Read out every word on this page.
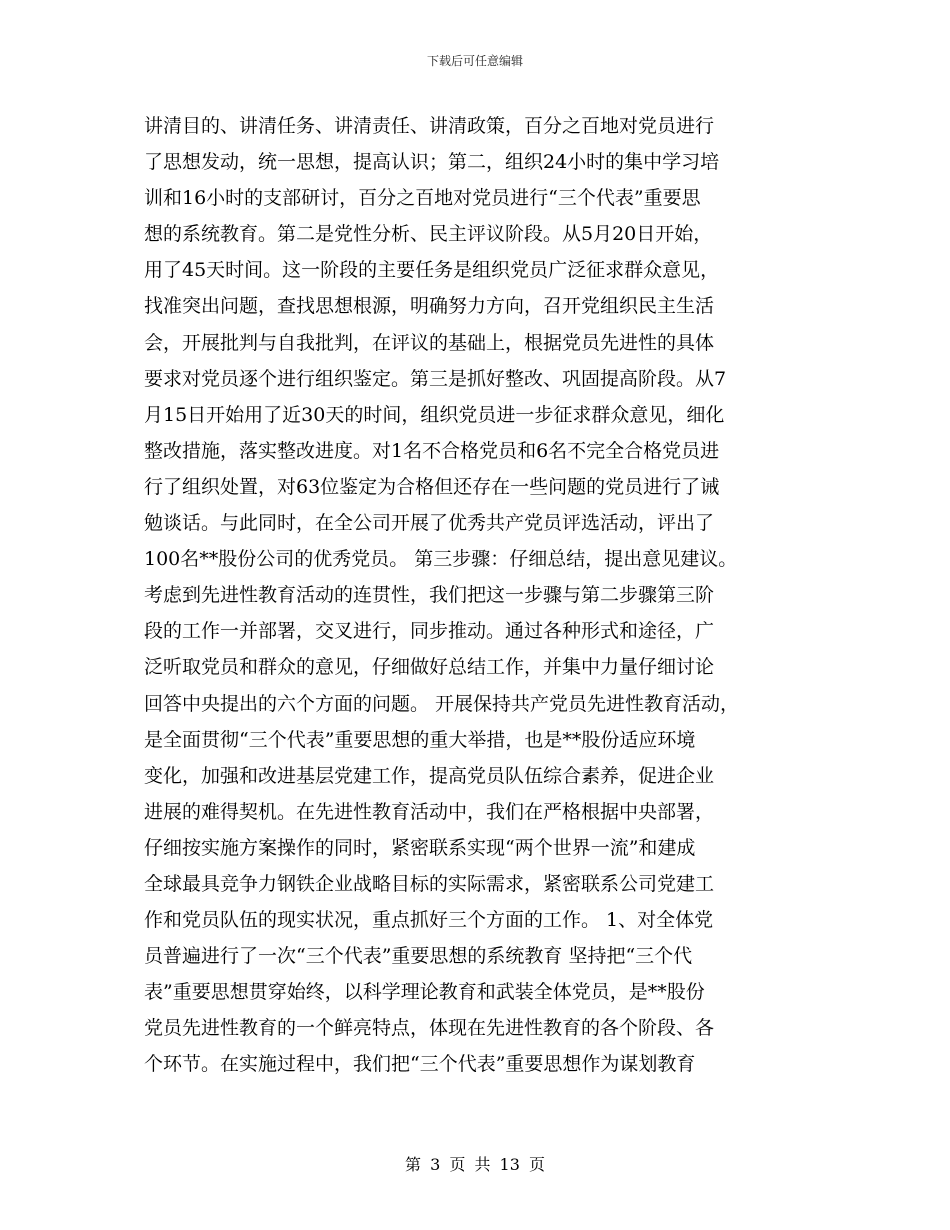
下载后可任意编辑
讲清目的、讲清任务、讲清责任、讲清政策，百分之百地对党员进行
了思想发动，统一思想，提高认识；第二，组织24小时的集中学习培
训和16小时的支部研讨，百分之百地对党员进行“三个代表”重要思
想的系统教育。第二是党性分析、民主评议阶段。从5月20日开始，
用了45天时间。这一阶段的主要任务是组织党员广泛征求群众意见，
找准突出问题，查找思想根源，明确努力方向，召开党组织民主生活
会，开展批判与自我批判，在评议的基础上，根据党员先进性的具体
要求对党员逐个进行组织鉴定。第三是抓好整改、巩固提高阶段。从7
月15日开始用了近30天的时间，组织党员进一步征求群众意见，细化
整改措施，落实整改进度。对1名不合格党员和6名不完全合格党员进
行了组织处置，对63位鉴定为合格但还存在一些问题的党员进行了诫
勉谈话。与此同时，在全公司开展了优秀共产党员评选活动，评出了
100名**股份公司的优秀党员。 第三步骤：仔细总结，提出意见建议。
考虑到先进性教育活动的连贯性，我们把这一步骤与第二步骤第三阶
段的工作一并部署，交叉进行，同步推动。通过各种形式和途径，广
泛听取党员和群众的意见，仔细做好总结工作，并集中力量仔细讨论
回答中央提出的六个方面的问题。 开展保持共产党员先进性教育活动，
是全面贯彻“三个代表”重要思想的重大举措，也是**股份适应环境
变化，加强和改进基层党建工作，提高党员队伍综合素养，促进企业
进展的难得契机。在先进性教育活动中，我们在严格根据中央部署，
仔细按实施方案操作的同时，紧密联系实现“两个世界一流”和建成
全球最具竞争力钢铁企业战略目标的实际需求，紧密联系公司党建工
作和党员队伍的现实状况，重点抓好三个方面的工作。 1、对全体党
员普遍进行了一次“三个代表”重要思想的系统教育 坚持把“三个代
表”重要思想贯穿始终，以科学理论教育和武装全体党员，是**股份
党员先进性教育的一个鲜亮特点，体现在先进性教育的各个阶段、各
个环节。在实施过程中，我们把“三个代表”重要思想作为谋划教育
第 3 页 共 13 页
